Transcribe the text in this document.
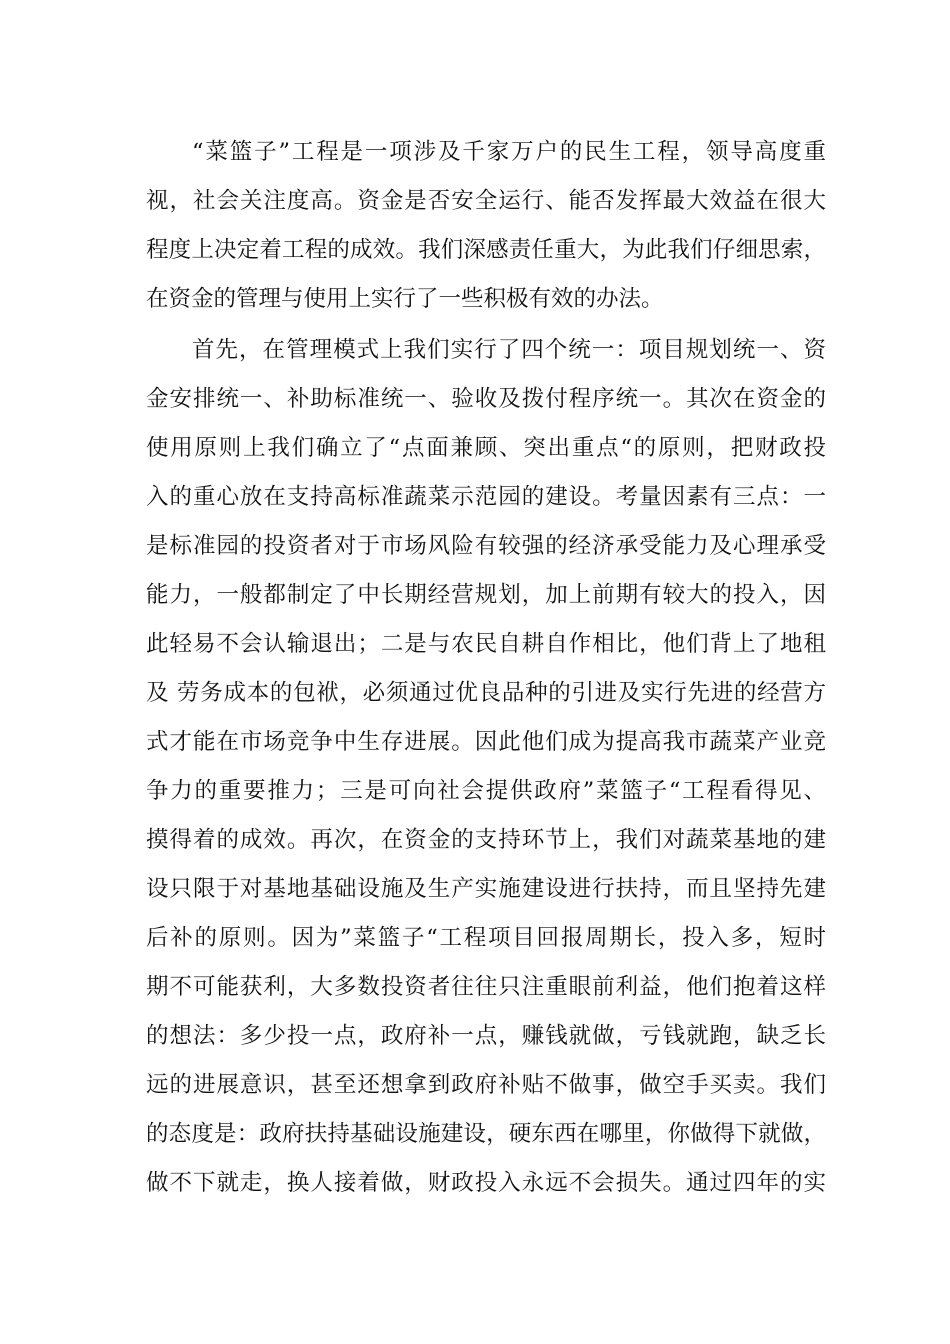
“菜篮子”工程是一项涉及千家万户的民生工程，领导高度重
视，社会关注度高。资金是否安全运行、能否发挥最大效益在很大
程度上决定着工程的成效。我们深感责任重大，为此我们仔细思索，
在资金的管理与使用上实行了一些积极有效的办法。
首先，在管理模式上我们实行了四个统一：项目规划统一、资
金安排统一、补助标准统一、验收及拨付程序统一。其次在资金的
使用原则上我们确立了“点面兼顾、突出重点“的原则，把财政投
入的重心放在支持高标准蔬菜示范园的建设。考量因素有三点：一
是标准园的投资者对于市场风险有较强的经济承受能力及心理承受
能力，一般都制定了中长期经营规划，加上前期有较大的投入，因
此轻易不会认输退出；二是与农民自耕自作相比，他们背上了地租
及 劳务成本的包袱，必须通过优良品种的引进及实行先进的经营方
式才能在市场竞争中生存进展。因此他们成为提高我市蔬菜产业竞
争力的重要推力；三是可向社会提供政府”菜篮子“工程看得见、
摸得着的成效。再次，在资金的支持环节上，我们对蔬菜基地的建
设只限于对基地基础设施及生产实施建设进行扶持，而且坚持先建
后补的原则。因为”菜篮子“工程项目回报周期长，投入多，短时
期不可能获利，大多数投资者往往只注重眼前利益，他们抱着这样
的想法：多少投一点，政府补一点，赚钱就做，亏钱就跑，缺乏长
远的进展意识，甚至还想拿到政府补贴不做事，做空手买卖。我们
的态度是：政府扶持基础设施建设，硬东西在哪里，你做得下就做，
做不下就走，换人接着做，财政投入永远不会损失。通过四年的实
